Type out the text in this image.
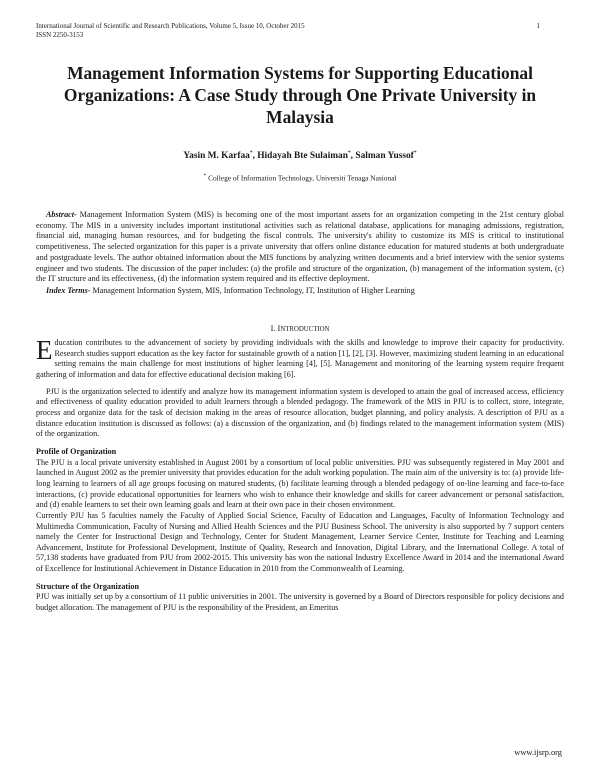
International Journal of Scientific and Research Publications, Volume 5, Issue 10, October 2015
ISSN 2250-3153
1
Management Information Systems for Supporting Educational Organizations: A Case Study through One Private University in Malaysia
Yasin M. Karfaa*, Hidayah Bte Sulaiman*, Salman Yussof*
* College of Information Technology, Universiti Tenaga Nasional

Abstract- Management Information System (MIS) is becoming one of the most important assets for an organization competing in the 21st century global economy. The MIS in a university includes important institutional activities such as relational database, applications for managing admissions, registration, financial aid, managing human resources, and for budgeting the fiscal controls. The university's ability to customize its MIS is critical to institutional competitiveness. The selected organization for this paper is a private university that offers online distance education for matured students at both undergraduate and postgraduate levels. The author obtained information about the MIS functions by analyzing written documents and a brief interview with the senior systems engineer and two students. The discussion of the paper includes: (a) the profile and structure of the organization, (b) management of the information system, (c) the IT structure and its effectiveness, (d) the information system required and its effective deployment.

Index Terms- Management Information System, MIS, Information Technology, IT, Institution of Higher Learning

I. INTRODUCTION

Education contributes to the advancement of society by providing individuals with the skills and knowledge to improve their capacity for productivity. Research studies support education as the key factor for sustainable growth of a nation [1], [2], [3]. However, maximizing student learning in an educational setting remains the main challenge for most institutions of higher learning [4], [5]. Management and monitoring of the learning system require frequent gathering of information and data for effective educational decision making [6].

PJU is the organization selected to identify and analyze how its management information system is developed to attain the goal of increased access, efficiency and effectiveness of quality education provided to adult learners through a blended pedagogy. The framework of the MIS in PJU is to collect, store, integrate, process and organize data for the task of decision making in the areas of resource allocation, budget planning, and policy analysis. A description of PJU as a distance education institution is discussed as follows: (a) a discussion of the organization, and (b) findings related to the management information system (MIS) of the organization.

Profile of Organization

The PJU is a local private university established in August 2001 by a consortium of local public universities. PJU was subsequently registered in May 2001 and launched in August 2002 as the premier university that provides education for the adult working population. The main aim of the university is to: (a) provide life-long learning to learners of all age groups focusing on matured students, (b) facilitate learning through a blended pedagogy of on-line learning and face-to-face interactions, (c) provide educational opportunities for learners who wish to enhance their knowledge and skills for career advancement or personal satisfaction, and (d) enable learners to set their own learning goals and learn at their own pace in their chosen environment.

Currently PJU has 5 faculties namely the Faculty of Applied Social Science, Faculty of Education and Languages, Faculty of Information Technology and Multimedia Communication, Faculty of Nursing and Allied Health Sciences and the PJU Business School. The university is also supported by 7 support centers namely the Center for Instructional Design and Technology, Center for Student Management, Learner Service Center, Institute for Teaching and Learning Advancement, Institute for Professional Development, Institute of Quality, Research and Innovation, Digital Library, and the International College. A total of 57,138 students have graduated from PJU from 2002-2015. This university has won the national Industry Excellence Award in 2014 and the international Award of Excellence for Institutional Achievement in Distance Education in 2010 from the Commonwealth of Learning.

Structure of the Organization

PJU was initially set up by a consortium of 11 public universities in 2001. The university is governed by a Board of Directors responsible for policy decisions and budget allocation. The management of PJU is the responsibility of the President, an Emeritus

www.ijsrp.org
